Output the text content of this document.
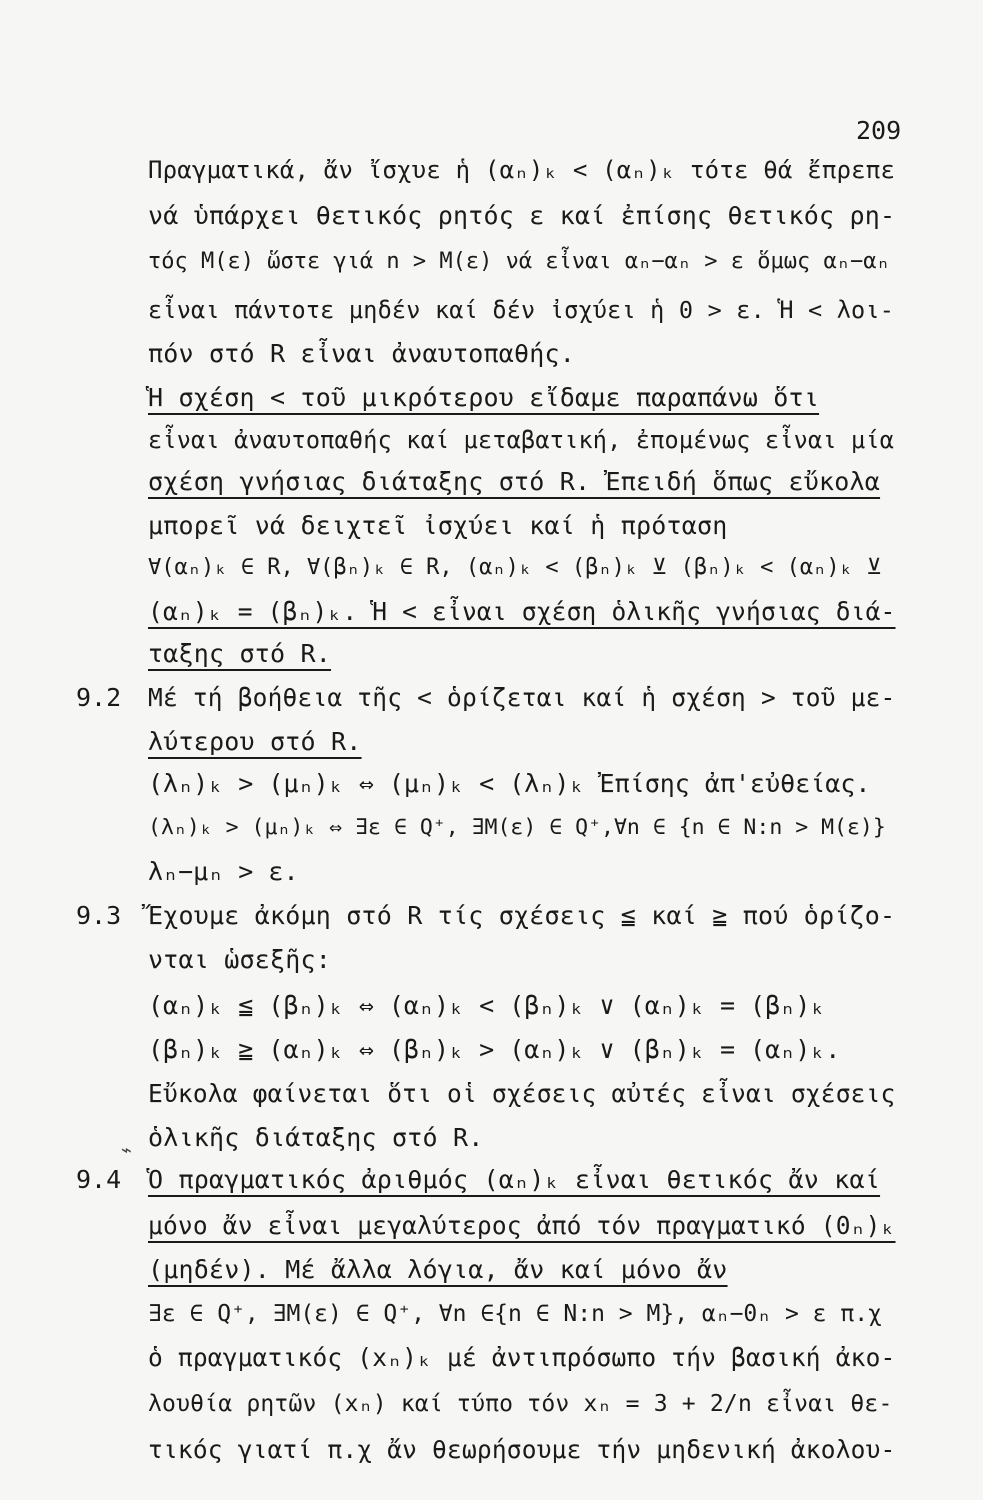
209
Πραγματικά, ἄν ἴσχυε ἡ (αₙ)ₖ < (αₙ)ₖ τότε θά ἔπρεπε
νά ὑπάρχει θετικός ρητός ε καί ἐπίσης θετικός ρη-
τός M(ε) ὥστε γιά n > M(ε) νά εἶναι αₙ−αₙ > ε ὅμως αₙ−αₙ
εἶναι πάντοτε μηδέν καί δέν ἰσχύει ἡ 0 > ε. Ἡ < λοι-
πόν στό R εἶναι ἀναυτοπαθής.
Ἡ σχέση < τοῦ μικρότερου εἴδαμε παραπάνω ὅτι
εἶναι ἀναυτοπαθής καί μεταβατική, ἐπομένως εἶναι μία
σχέση γνήσιας διάταξης στό R. Ἐπειδή ὅπως εὔκολα
μπορεῖ νά δειχτεῖ ἰσχύει καί ἡ πρόταση
∀(αₙ)ₖ ∈ R, ∀(βₙ)ₖ ∈ R, (αₙ)ₖ < (βₙ)ₖ ⊻ (βₙ)ₖ < (αₙ)ₖ ⊻
(αₙ)ₖ = (βₙ)ₖ. Ἡ < εἶναι σχέση ὁλικῆς γνήσιας διά-
ταξης στό R.
9.2 Μέ τή βοήθεια τῆς < ὁρίζεται καί ἡ σχέση > τοῦ με-
λύτερου στό R.
(λₙ)ₖ > (μₙ)ₖ ⇔ (μₙ)ₖ < (λₙ)ₖ Ἐπίσης ἀπ'εὐθείας.
(λₙ)ₖ > (μₙ)ₖ ⇔ ∃ε ∈ Q⁺, ∃M(ε) ∈ Q⁺,∀n ∈ {n ∈ N:n > M(ε)}
λₙ−μₙ > ε.
9.3 Ἔχουμε ἀκόμη στό R τίς σχέσεις ≦ καί ≧ πού ὁρίζο-
νται ὡσεξῆς:
(αₙ)ₖ ≦ (βₙ)ₖ ⇔ (αₙ)ₖ < (βₙ)ₖ ∨ (αₙ)ₖ = (βₙ)ₖ
(βₙ)ₖ ≧ (αₙ)ₖ ⇔ (βₙ)ₖ > (αₙ)ₖ ∨ (βₙ)ₖ = (αₙ)ₖ.
Εὔκολα φαίνεται ὅτι οἱ σχέσεις αὐτές εἶναι σχέσεις
ὁλικῆς διάταξης στό R.
9.4
⌁
Ὁ πραγματικός ἀριθμός (αₙ)ₖ εἶναι θετικός ἄν καί
μόνο ἄν εἶναι μεγαλύτερος ἀπό τόν πραγματικό (0ₙ)ₖ
(μηδέν). Μέ ἄλλα λόγια, ἄν καί μόνο ἄν
∃ε ∈ Q⁺, ∃M(ε) ∈ Q⁺, ∀n ∈{n ∈ N:n > M}, αₙ−0ₙ > ε π.χ
ὁ πραγματικός (xₙ)ₖ μέ ἀντιπρόσωπο τήν βασική ἀκο-
λουθία ρητῶν (xₙ) καί τύπο τόν xₙ = 3 + 2/n εἶναι θε-
τικός γιατί π.χ ἄν θεωρήσουμε τήν μηδενική ἀκολου-
